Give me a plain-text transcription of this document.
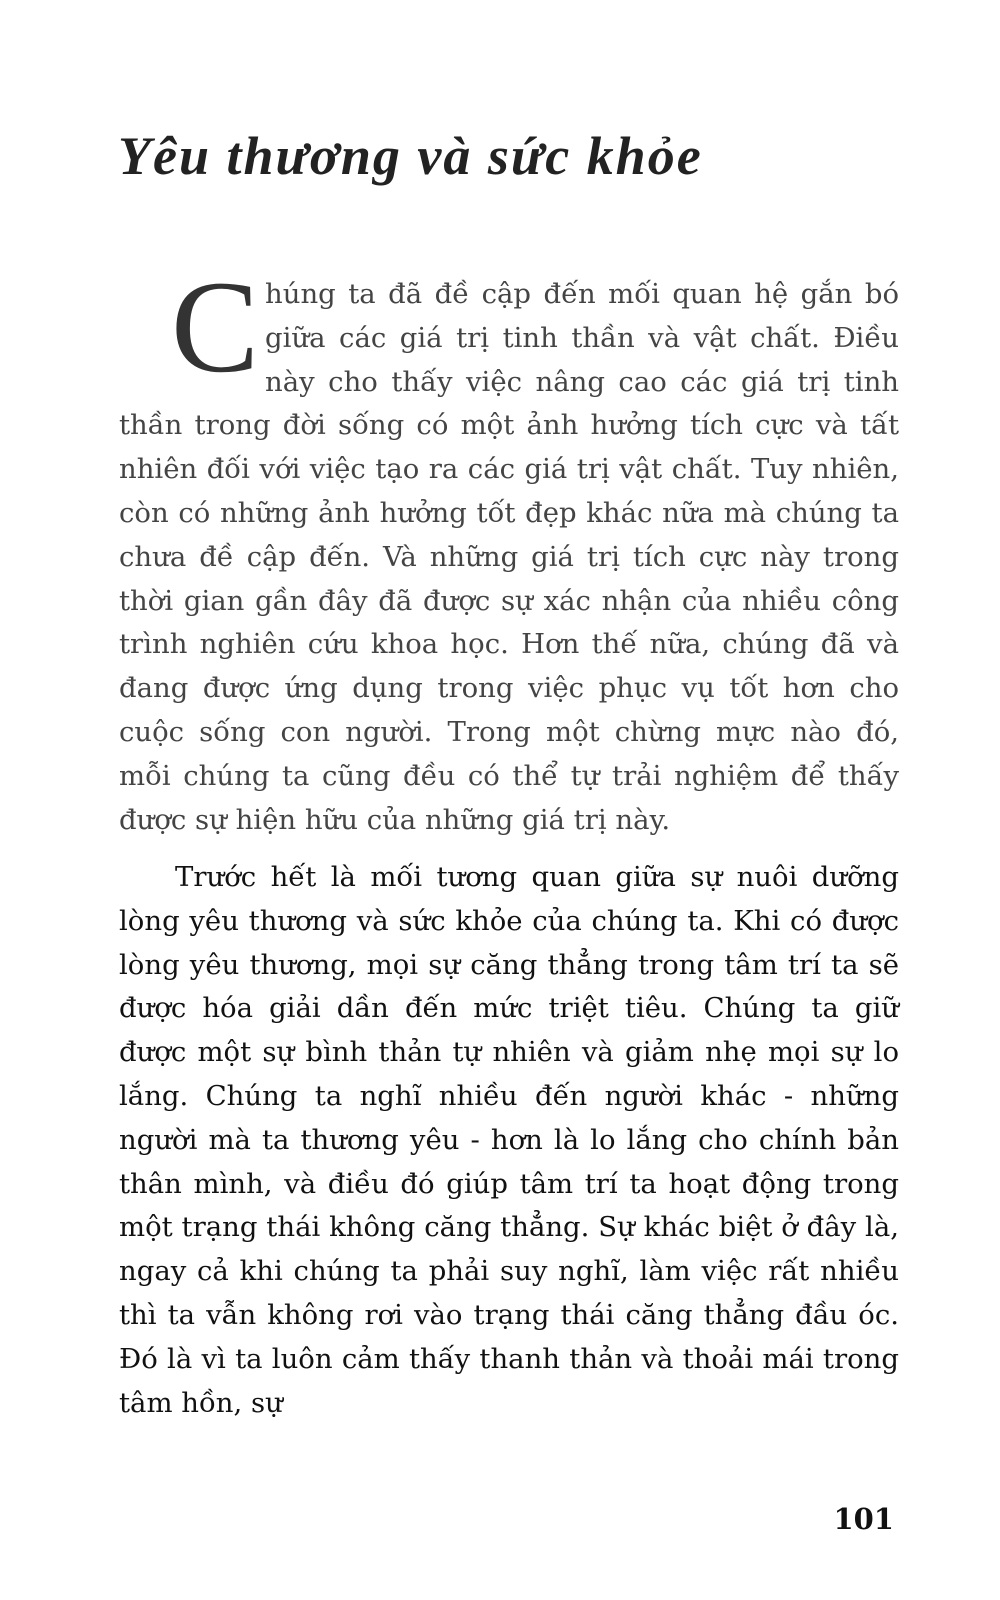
Yêu thương và sức khỏe

Chúng ta đã đề cập đến mối quan hệ gắn bó giữa các giá trị tinh thần và vật chất. Điều này cho thấy việc nâng cao các giá trị tinh thần trong đời sống có một ảnh hưởng tích cực và tất nhiên đối với việc tạo ra các giá trị vật chất. Tuy nhiên, còn có những ảnh hưởng tốt đẹp khác nữa mà chúng ta chưa đề cập đến. Và những giá trị tích cực này trong thời gian gần đây đã được sự xác nhận của nhiều công trình nghiên cứu khoa học. Hơn thế nữa, chúng đã và đang được ứng dụng trong việc phục vụ tốt hơn cho cuộc sống con người. Trong một chừng mực nào đó, mỗi chúng ta cũng đều có thể tự trải nghiệm để thấy được sự hiện hữu của những giá trị này.

Trước hết là mối tương quan giữa sự nuôi dưỡng lòng yêu thương và sức khỏe của chúng ta. Khi có được lòng yêu thương, mọi sự căng thẳng trong tâm trí ta sẽ được hóa giải dần đến mức triệt tiêu. Chúng ta giữ được một sự bình thản tự nhiên và giảm nhẹ mọi sự lo lắng. Chúng ta nghĩ nhiều đến người khác - những người mà ta thương yêu - hơn là lo lắng cho chính bản thân mình, và điều đó giúp tâm trí ta hoạt động trong một trạng thái không căng thẳng. Sự khác biệt ở đây là, ngay cả khi chúng ta phải suy nghĩ, làm việc rất nhiều thì ta vẫn không rơi vào trạng thái căng thẳng đầu óc. Đó là vì ta luôn cảm thấy thanh thản và thoải mái trong tâm hồn, sự

101
